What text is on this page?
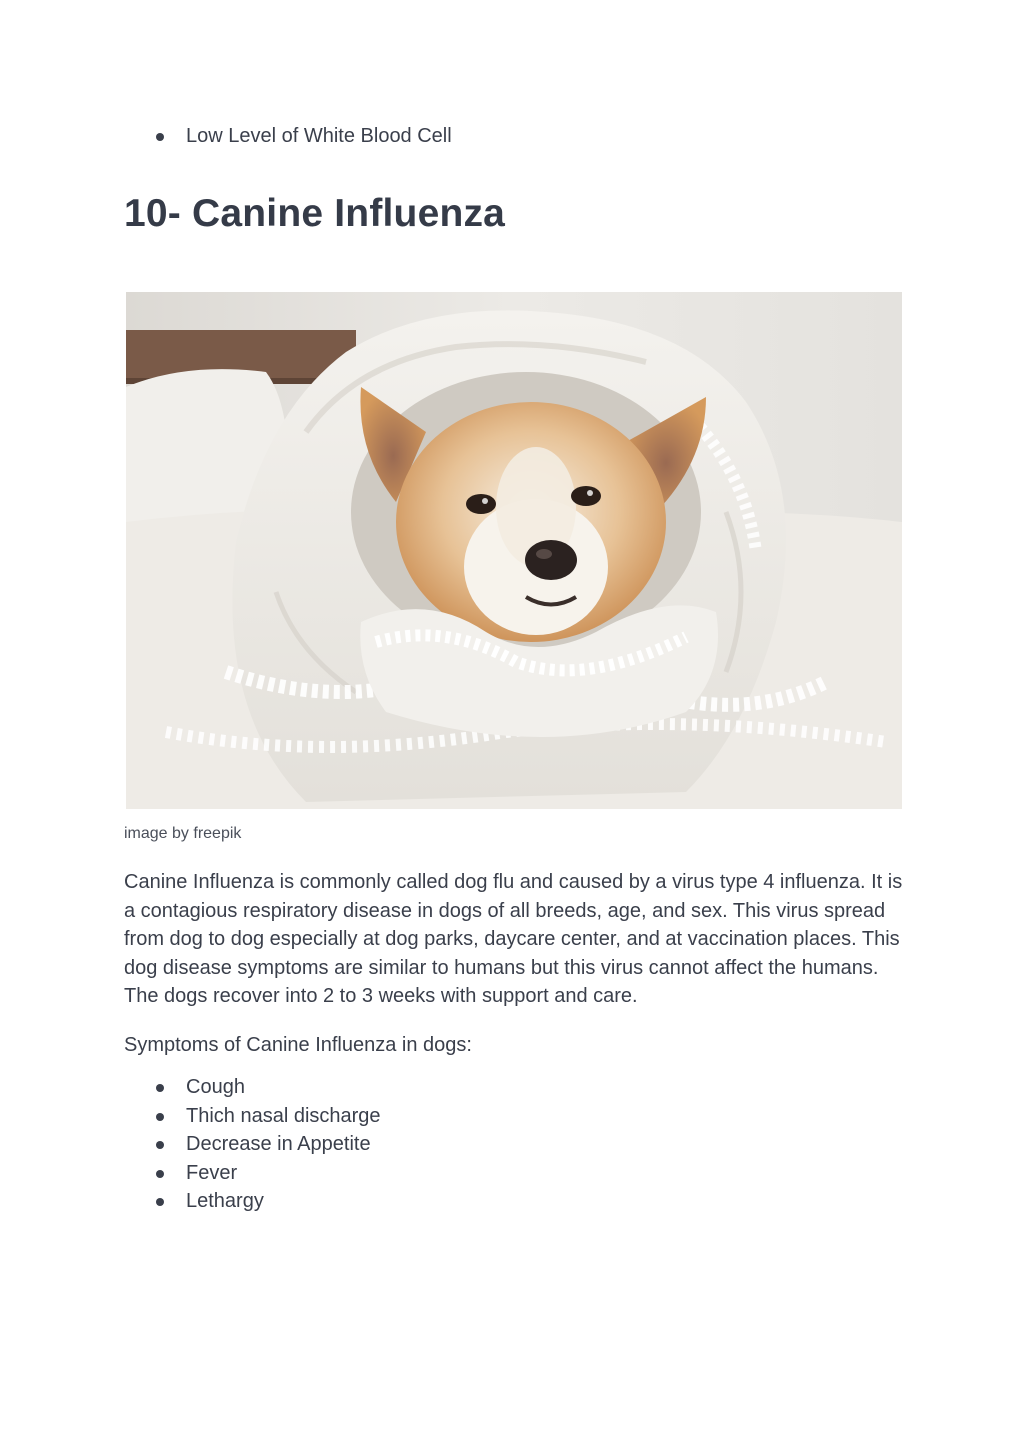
Low Level of White Blood Cell
10- Canine Influenza
image by freepik

Canine Influenza is commonly called dog flu and caused by a virus type 4 influenza. It is a contagious respiratory disease in dogs of all breeds, age, and sex. This virus spread from dog to dog especially at dog parks, daycare center, and at vaccination places. This dog disease symptoms are similar to humans but this virus cannot affect the humans. The dogs recover into 2 to 3 weeks with support and care.

Symptoms of Canine Influenza in dogs:

Cough
Thich nasal discharge
Decrease in Appetite
Fever
Lethargy
